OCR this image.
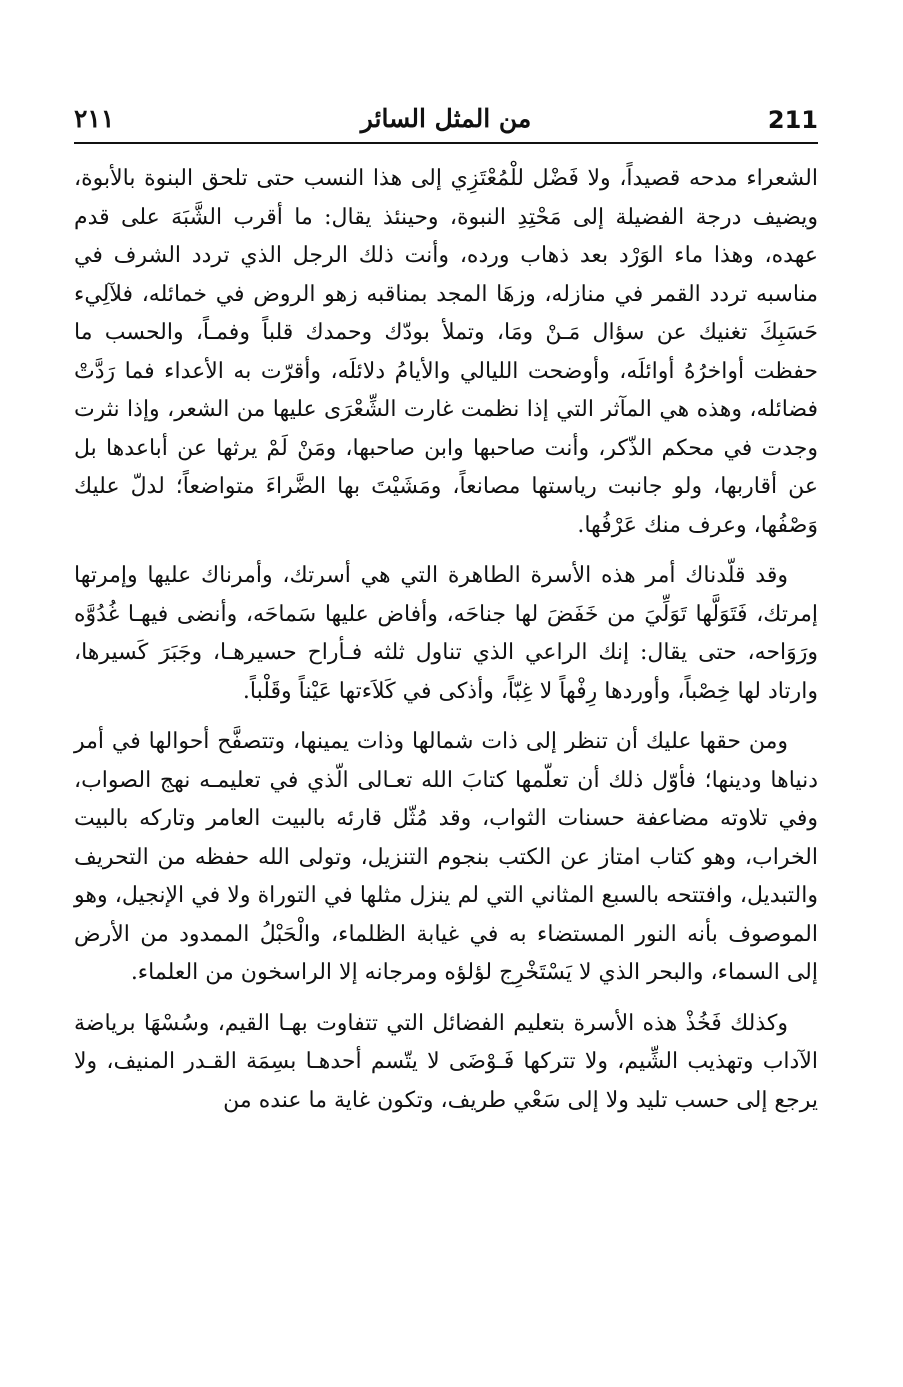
211
من المثل السائر
٢١١

الشعراء مدحه قصيداً، ولا فَضْل للْمُعْتَزِي إلى هذا النسب حتى تلحق البنوة بالأبوة، ويضيف درجة الفضيلة إلى مَحْتِدِ النبوة، وحينئذ يقال: ما أقرب الشَّبَهَ على قدم عهده، وهذا ماء الوَرْد بعد ذهاب ورده، وأنت ذلك الرجل الذي تردد الشرف في مناسبه تردد القمر في منازله، وزهَا المجد بمناقبه زهو الروض في خمائله، فلآلِيء حَسَبِكَ تغنيك عن سؤال مَـنْ ومَا، وتملأ بودّك وحمدك قلباً وفمـاً، والحسب ما حفظت أواخرُهُ أوائلَه، وأوضحت الليالي والأيامُ دلائلَه، وأقرّت به الأعداء فما رَدَّتْ فضائله، وهذه هي المآثر التي إذا نظمت غارت الشِّعْرَى عليها من الشعر، وإذا نثرت وجدت في محكم الذّكر، وأنت صاحبها وابن صاحبها، ومَنْ لَمْ يرثها عن أباعدها بل عن أقاربها، ولو جانبت رياستها مصانعاً، ومَشَيْتَ بها الضَّراءَ متواضعاً؛ لدلّ عليك وَصْفُها، وعرف منك عَرْفُها.

وقد قلّدناك أمر هذه الأسرة الطاهرة التي هي أسرتك، وأمرناك عليها وإمرتها إمرتك، فَتَوَلَّها تَوَلِّيَ من خَفَضَ لها جناحَه، وأفاض عليها سَماحَه، وأنضى فيهـا غُدُوَّه ورَوَاحه، حتى يقال: إنك الراعي الذي تناول ثلثه فـأراح حسيرهـا، وجَبَرَ كَسيرها، وارتاد لها خِصْباً، وأوردها رِفْهاً لا غِبّاً، وأذكى في كَلاَءتها عَيْناً وقَلْباً.

ومن حقها عليك أن تنظر إلى ذات شمالها وذات يمينها، وتتصفَّح أحوالها في أمر دنياها ودينها؛ فأوّل ذلك أن تعلّمها كتابَ الله تعـالى الّذي في تعليمـه نهج الصواب، وفي تلاوته مضاعفة حسنات الثواب، وقد مُثّل قارئه بالبيت العامر وتاركه بالبيت الخراب، وهو كتاب امتاز عن الكتب بنجوم التنزيل، وتولى الله حفظه من التحريف والتبديل، وافتتحه بالسبع المثاني التي لم ينزل مثلها في التوراة ولا في الإنجيل، وهو الموصوف بأنه النور المستضاء به في غيابة الظلماء، والْحَبْلُ الممدود من الأرض إلى السماء، والبحر الذي لا يَسْتَخْرِج لؤلؤه ومرجانه إلا الراسخون من العلماء.

وكذلك فَخُذْ هذه الأسرة بتعليم الفضائل التي تتفاوت بهـا القيم، وسُسْهَا برياضة الآداب وتهذيب الشِّيم، ولا تتركها فَـوْضَى لا يتّسم أحدهـا بسِمَة القـدر المنيف، ولا يرجع إلى حسب تليد ولا إلى سَعْي طريف، وتكون غاية ما عنده من
